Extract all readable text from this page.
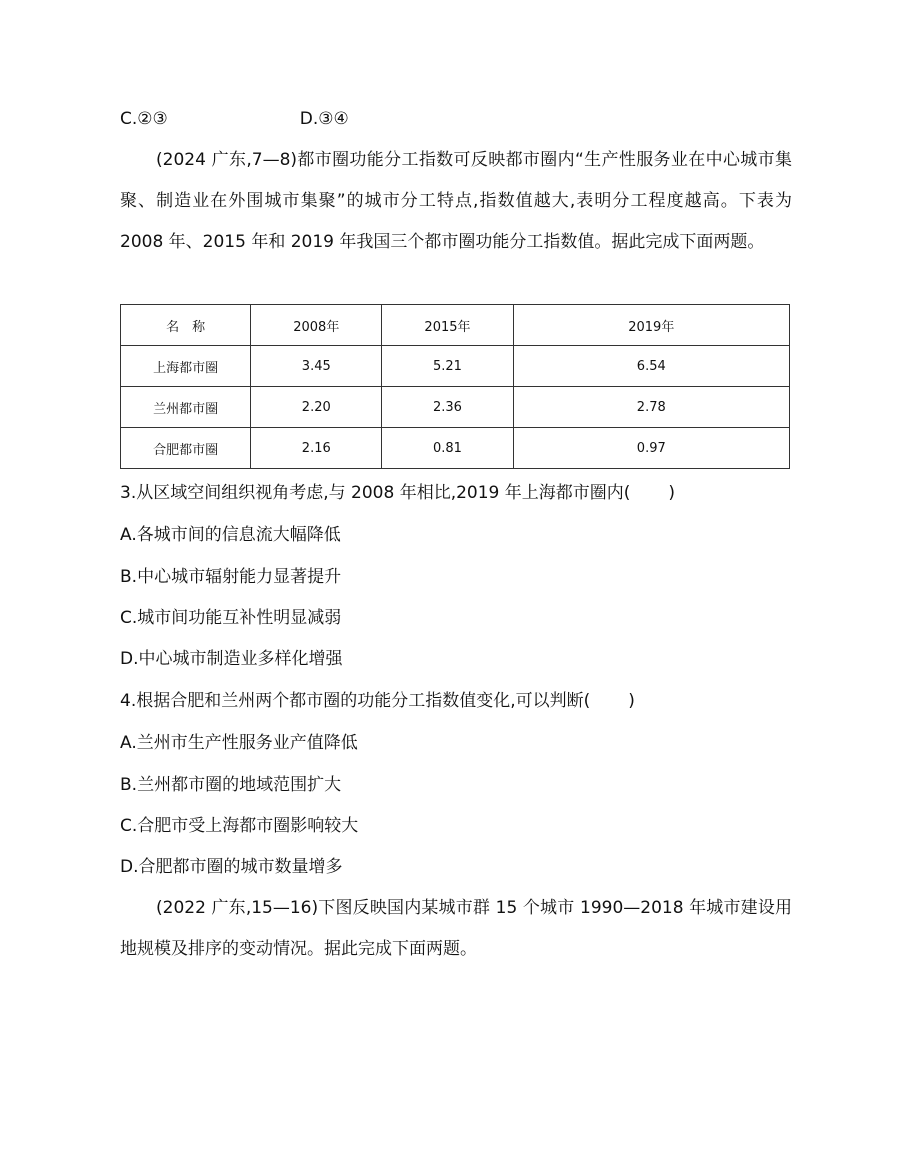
C.②③	D.③④

(2024 广东,7—8)都市圈功能分工指数可反映都市圈内“生产性服务业在中心城市集聚、制造业在外围城市集聚”的城市分工特点,指数值越大,表明分工程度越高。下表为 2008 年、2015 年和 2019 年我国三个都市圈功能分工指数值。据此完成下面两题。

名　称	2008年	2015年	2019年
上海都市圈	3.45	5.21	6.54
兰州都市圈	2.20	2.36	2.78
合肥都市圈	2.16	0.81	0.97
3.从区域空间组织视角考虑,与 2008 年相比,2019 年上海都市圈内( )
A.各城市间的信息流大幅降低
B.中心城市辐射能力显著提升
C.城市间功能互补性明显减弱
D.中心城市制造业多样化增强
4.根据合肥和兰州两个都市圈的功能分工指数值变化,可以判断( )
A.兰州市生产性服务业产值降低
B.兰州都市圈的地域范围扩大
C.合肥市受上海都市圈影响较大
D.合肥都市圈的城市数量增多

(2022 广东,15—16)下图反映国内某城市群 15 个城市 1990—2018 年城市建设用地规模及排序的变动情况。据此完成下面两题。
